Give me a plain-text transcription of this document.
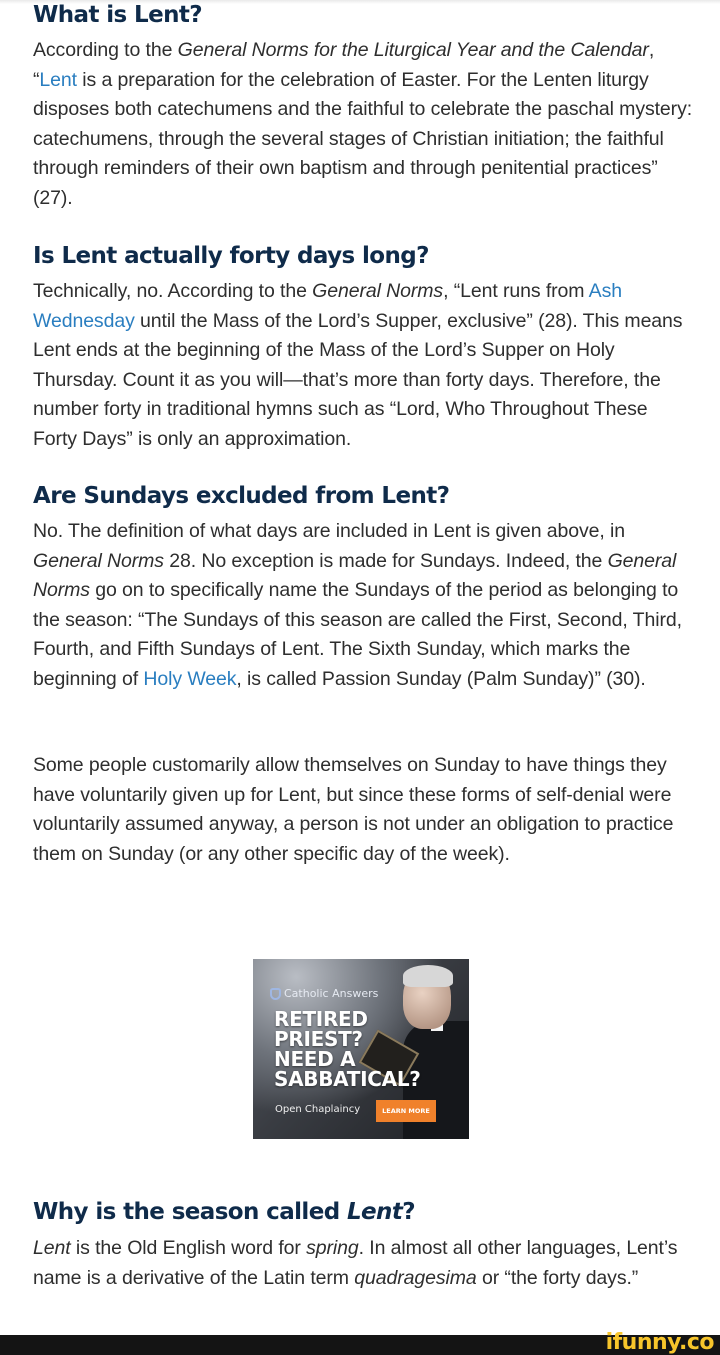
What is Lent?

According to the General Norms for the Liturgical Year and the Calendar, “Lent is a preparation for the celebration of Easter. For the Lenten liturgy disposes both catechumens and the faithful to celebrate the paschal mystery: catechumens, through the several stages of Christian initiation; the faithful through reminders of their own baptism and through penitential practices” (27).

Is Lent actually forty days long?

Technically, no. According to the General Norms, “Lent runs from Ash Wednesday until the Mass of the Lord’s Supper, exclusive” (28). This means Lent ends at the beginning of the Mass of the Lord’s Supper on Holy Thursday. Count it as you will—that’s more than forty days. Therefore, the number forty in traditional hymns such as “Lord, Who Throughout These Forty Days” is only an approximation.

Are Sundays excluded from Lent?

No. The definition of what days are included in Lent is given above, in General Norms 28. No exception is made for Sundays. Indeed, the General Norms go on to specifically name the Sundays of the period as belonging to the season: “The Sundays of this season are called the First, Second, Third, Fourth, and Fifth Sundays of Lent. The Sixth Sunday, which marks the beginning of Holy Week, is called Passion Sunday (Palm Sunday)” (30).

Some people customarily allow themselves on Sunday to have things they have voluntarily given up for Lent, but since these forms of self-denial were voluntarily assumed anyway, a person is not under an obligation to practice them on Sunday (or any other specific day of the week).

Why is the season called Lent?

Lent is the Old English word for spring. In almost all other languages, Lent’s name is a derivative of the Latin term quadragesima or “the forty days.”

Catholic Answers
RETIRED
PRIEST?
NEED A
SABBATICAL?
Open Chaplaincy	LEARN MORE
ifunny.co
